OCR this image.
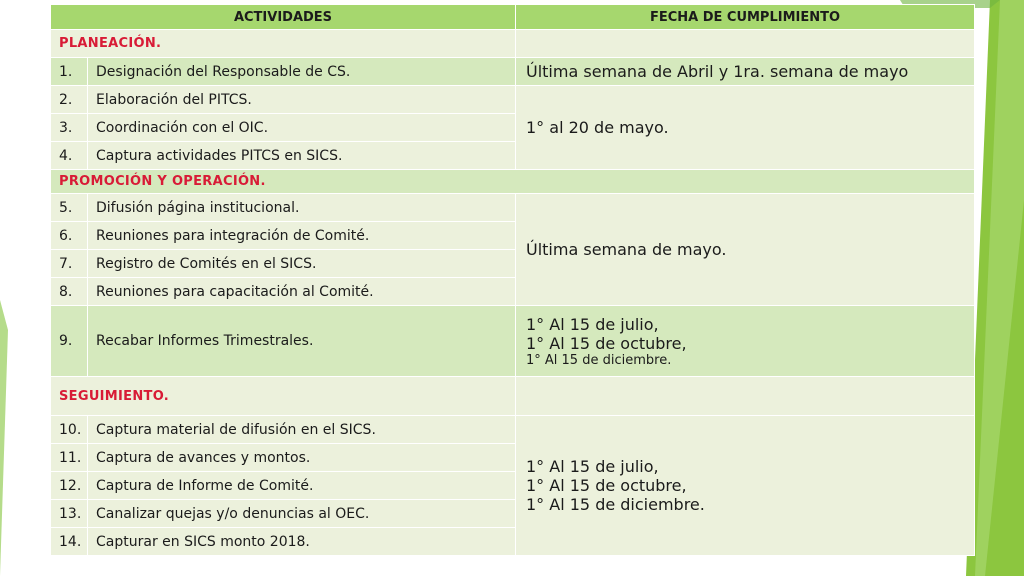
ACTIVIDADES		FECHA DE CUMPLIMIENTO
PLANEACIÓN.		
1.	Designación del Responsable de CS.	Última semana de Abril y 1ra. semana de mayo
2.	Elaboración del PITCS.	1° al 20 de mayo.
3.	Coordinación con el OIC.	
4.	Captura actividades PITCS en SICS.	
PROMOCIÓN Y OPERACIÓN.		
5.	Difusión página institucional.	Última semana de mayo.
6.	Reuniones para integración de Comité.	
7.	Registro de Comités en el SICS.	
8.	Reuniones para capacitación al Comité.	
9.	Recabar Informes Trimestrales.	1° Al 15 de julio,
1° Al 15 de octubre,
1° Al 15 de diciembre.

SEGUIMIENTO.		
10.	Captura material de difusión en el SICS.	1° Al 15 de julio,
1° Al 15 de octubre,
1° Al 15 de diciembre.

11.	Captura de avances y montos.	
12.	Captura de Informe de Comité.	
13.	Canalizar quejas y/o denuncias al OEC.	
14.	Capturar en SICS monto 2018.	
